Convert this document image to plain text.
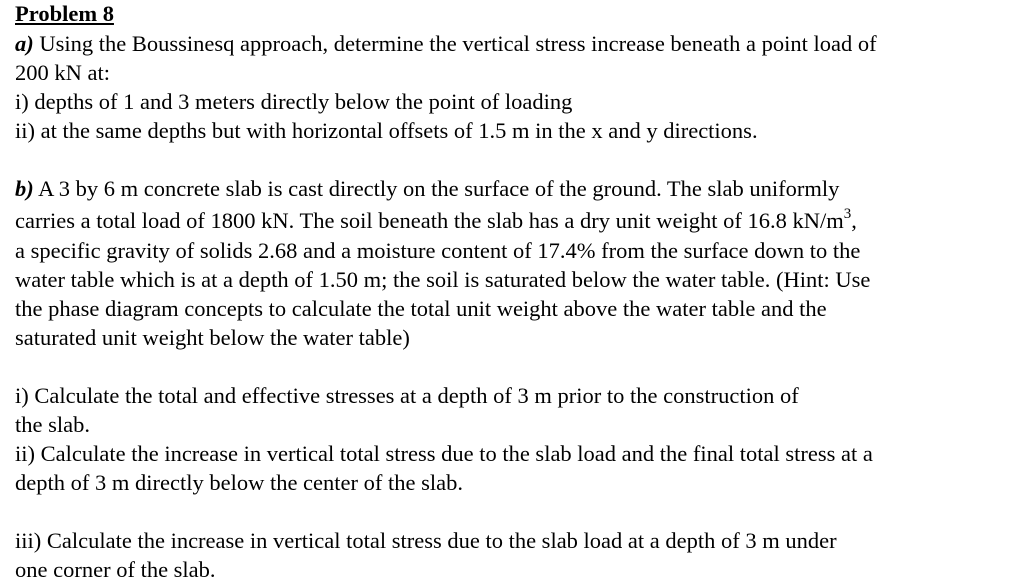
Problem 8
a) Using the Boussinesq approach, determine the vertical stress increase beneath a point load of
200 kN at:
i) depths of 1 and 3 meters directly below the point of loading
ii) at the same depths but with horizontal offsets of 1.5 m in the x and y directions.
b) A 3 by 6 m concrete slab is cast directly on the surface of the ground. The slab uniformly
carries a total load of 1800 kN. The soil beneath the slab has a dry unit weight of 16.8 $kN/m^3$,
a specific gravity of solids 2.68 and a moisture content of 17.4% from the surface down to the
water table which is at a depth of 1.50 m; the soil is saturated below the water table. (Hint: Use
the phase diagram concepts to calculate the total unit weight above the water table and the
saturated unit weight below the water table)
i) Calculate the total and effective stresses at a depth of 3 m prior to the construction of
the slab.
ii) Calculate the increase in vertical total stress due to the slab load and the final total stress at a
depth of 3 m directly below the center of the slab.
iii) Calculate the increase in vertical total stress due to the slab load at a depth of 3 m under
one corner of the slab.
